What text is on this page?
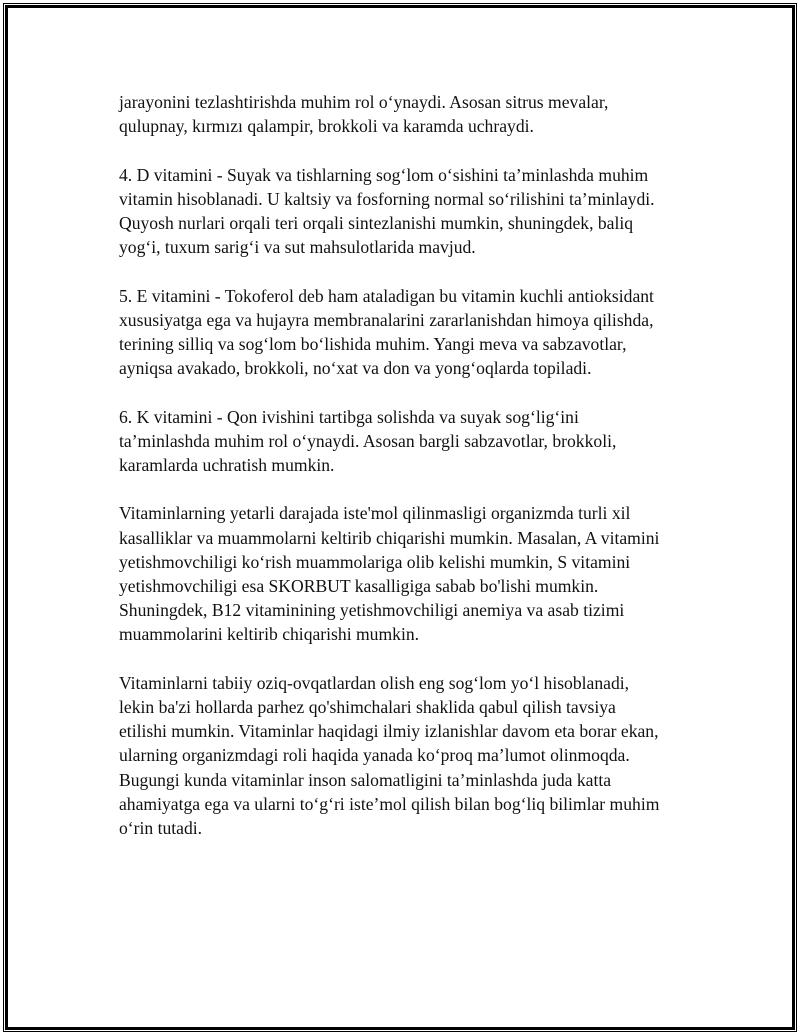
jarayonini tezlashtirishda muhim rol oʻynaydi. Asosan sitrus mevalar,
qulupnay, kırmızı qalampir, brokkoli va karamda uchraydi.

4. D vitamini - Suyak va tishlarning sogʻlom oʻsishini taʼminlashda muhim
vitamin hisoblanadi. U kaltsiy va fosforning normal soʻrilishini taʼminlaydi.
Quyosh nurlari orqali teri orqali sintezlanishi mumkin, shuningdek, baliq
yogʻi, tuxum sarigʻi va sut mahsulotlarida mavjud.

5. E vitamini - Tokoferol deb ham ataladigan bu vitamin kuchli antioksidant
xususiyatga ega va hujayra membranalarini zararlanishdan himoya qilishda,
terining silliq va sogʻlom boʻlishida muhim. Yangi meva va sabzavotlar,
ayniqsa avakado, brokkoli, noʻxat va don va yongʻoqlarda topiladi.

6. K vitamini - Qon ivishini tartibga solishda va suyak sogʻligʻini
taʼminlashda muhim rol oʻynaydi. Asosan bargli sabzavotlar, brokkoli,
karamlarda uchratish mumkin.

Vitaminlarning yetarli darajada iste'mol qilinmasligi organizmda turli xil
kasalliklar va muammolarni keltirib chiqarishi mumkin. Masalan, A vitamini
yetishmovchiligi koʻrish muammolariga olib kelishi mumkin, S vitamini
yetishmovchiligi esa SKORBUT kasalligiga sabab bo'lishi mumkin.
Shuningdek, B12 vitaminining yetishmovchiligi anemiya va asab tizimi
muammolarini keltirib chiqarishi mumkin.

Vitaminlarni tabiiy oziq-ovqatlardan olish eng sogʻlom yoʻl hisoblanadi,
lekin ba'zi hollarda parhez qo'shimchalari shaklida qabul qilish tavsiya
etilishi mumkin. Vitaminlar haqidagi ilmiy izlanishlar davom eta borar ekan,
ularning organizmdagi roli haqida yanada koʻproq maʼlumot olinmoqda.
Bugungi kunda vitaminlar inson salomatligini taʼminlashda juda katta
ahamiyatga ega va ularni toʻgʻri isteʼmol qilish bilan bogʻliq bilimlar muhim
oʻrin tutadi.
